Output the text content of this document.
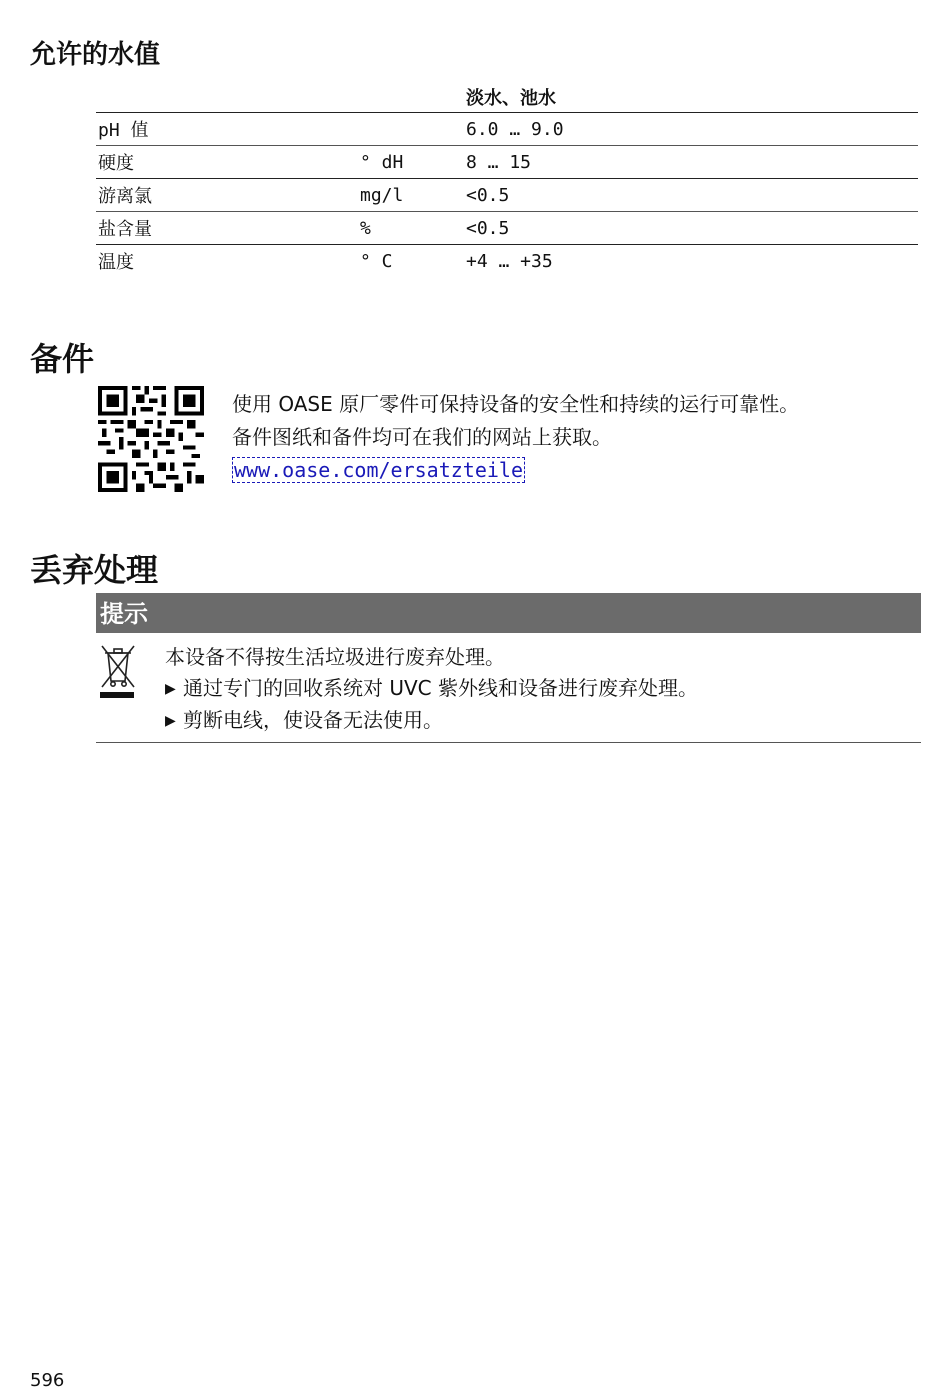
允许的水值
		淡水、池水
pH 值		6.0 … 9.0
硬度	° dH	8 … 15
游离氯	mg/l	<0.5
盐含量	%	<0.5
温度	° C	+4 … +35
备件
使用 OASE 原厂零件可保持设备的安全性和持续的运行可靠性。
备件图纸和备件均可在我们的网站上获取。
www.oase.com/ersatzteile
丢弃处理
提示
本设备不得按生活垃圾进行废弃处理。
▶ 通过专门的回收系统对 UVC 紫外线和设备进行废弃处理。
▶ 剪断电线，使设备无法使用。
596
